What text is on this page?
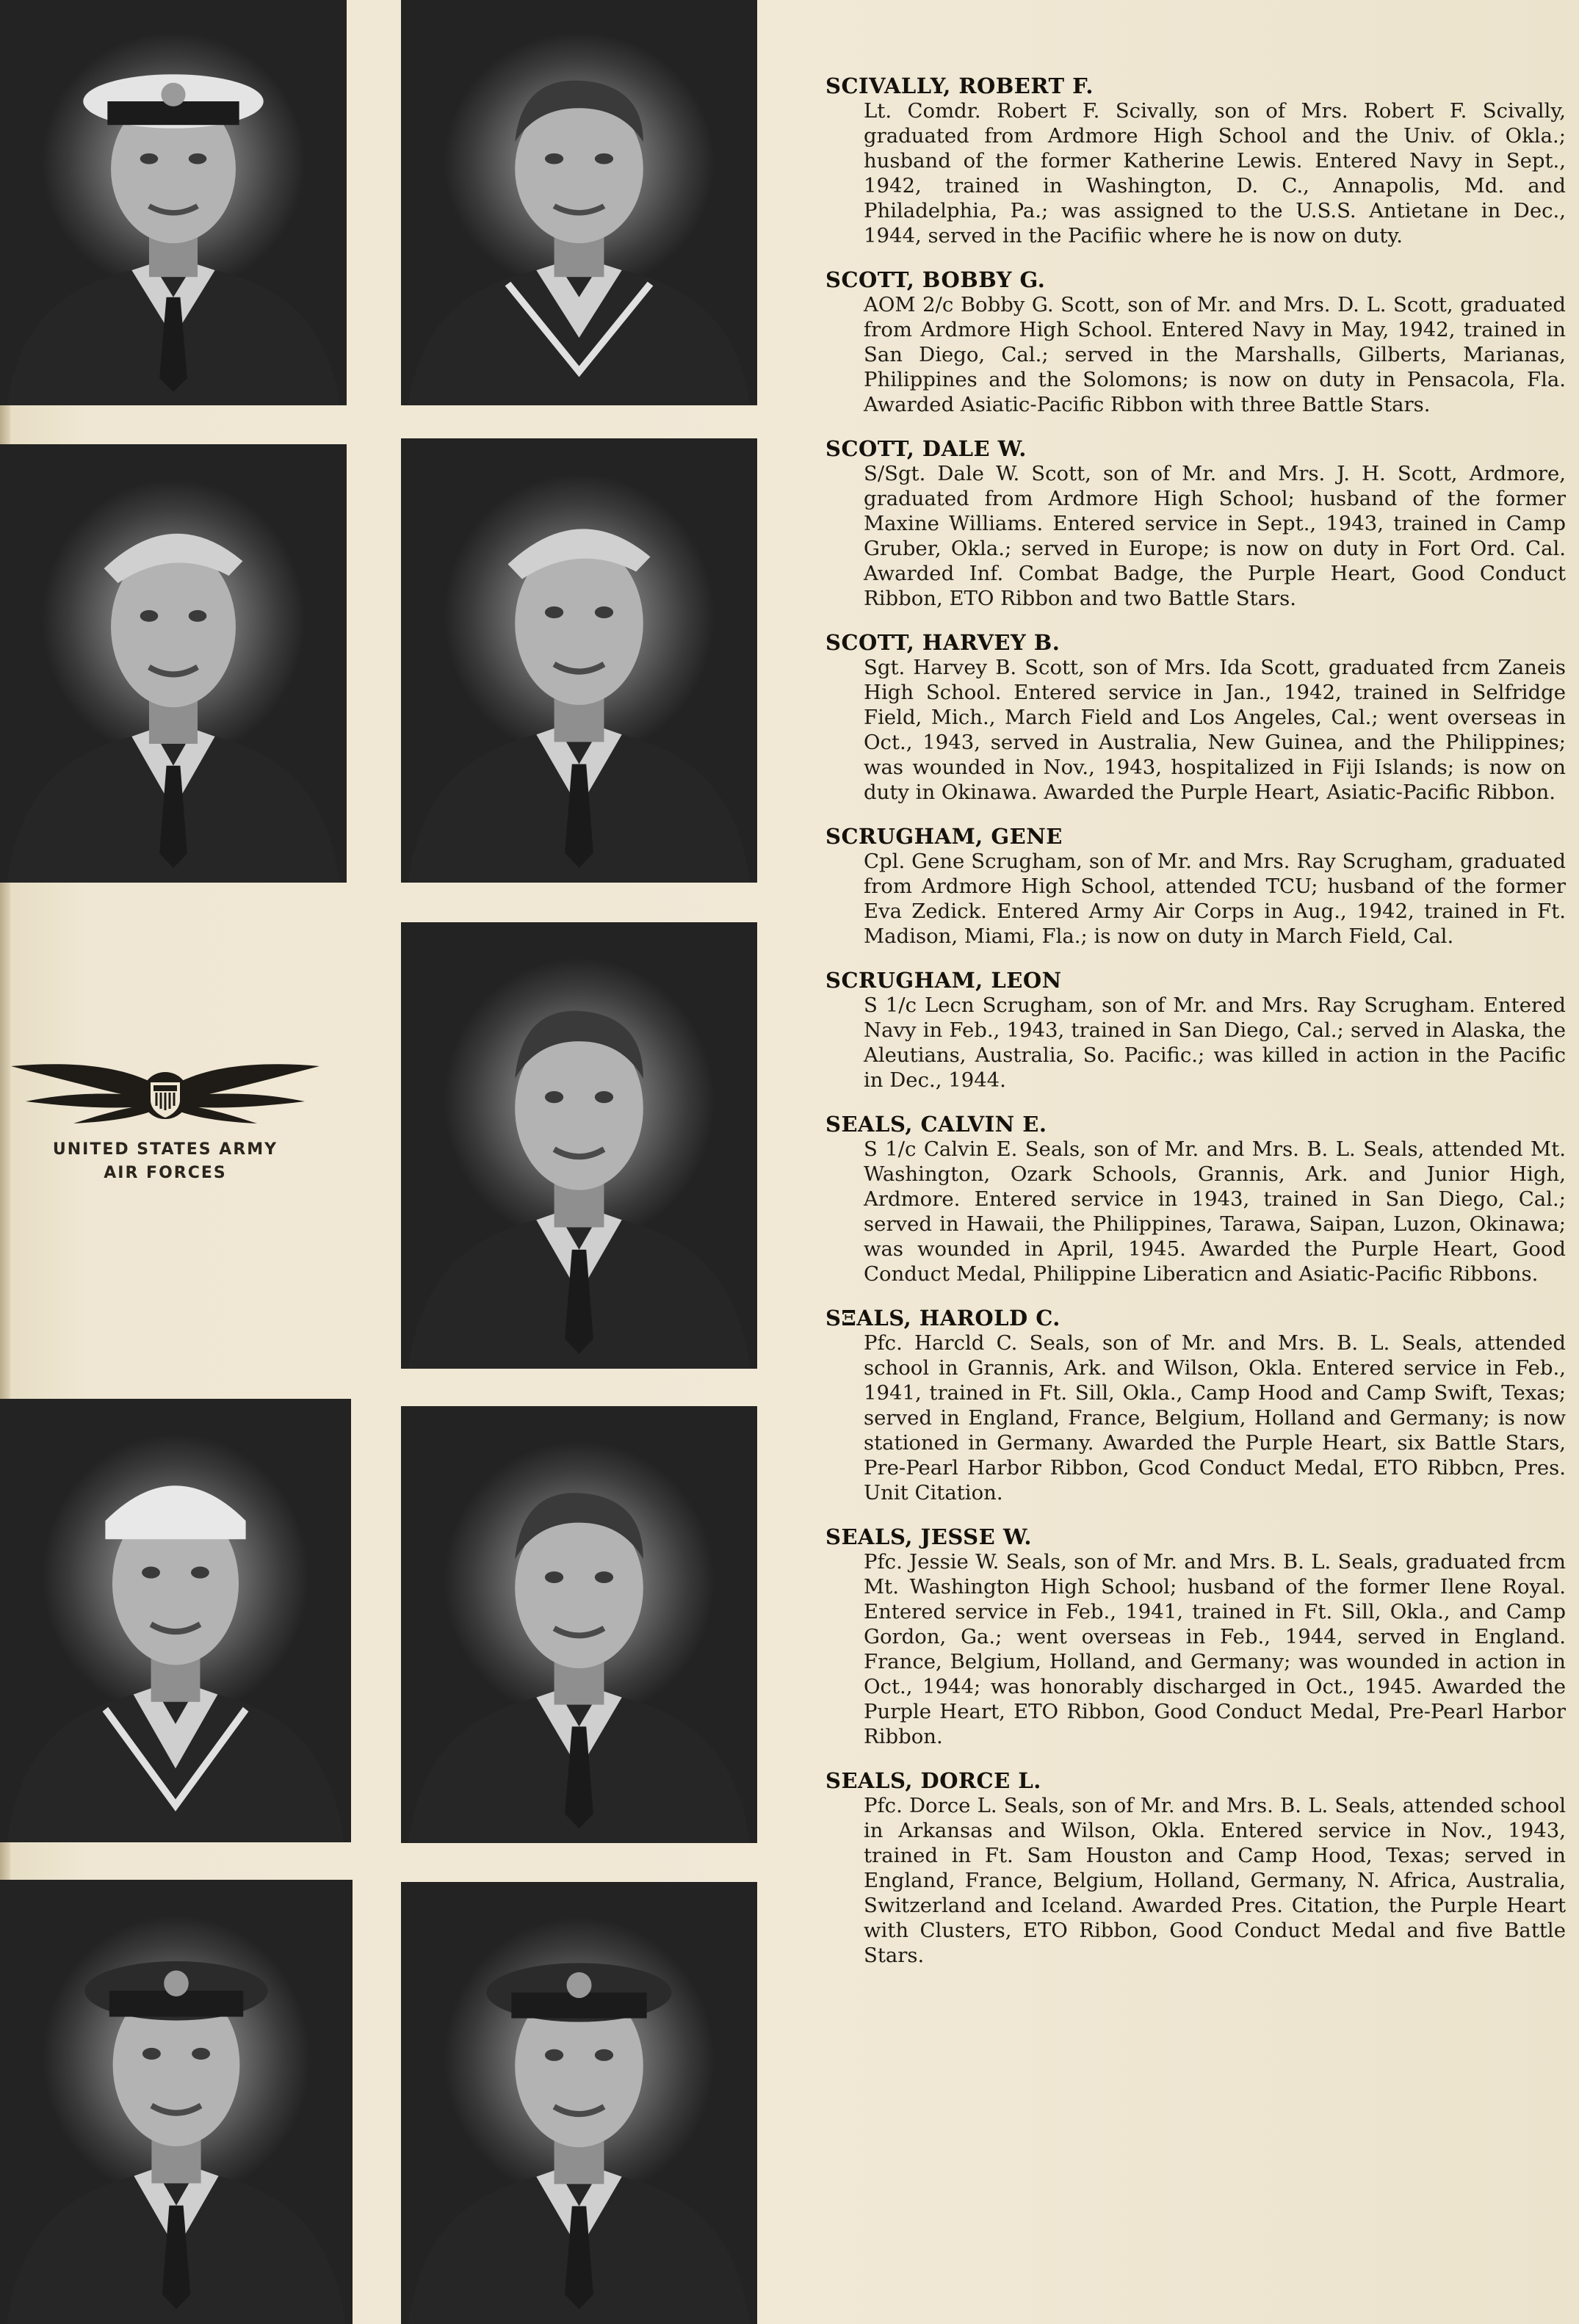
UNITED STATES ARMY
AIR FORCES
SCIVALLY, ROBERT F.

Lt. Comdr. Robert F. Scivally, son of Mrs. Robert F. Scivally, graduated from Ardmore High School and the Univ. of Okla.; husband of the former Katherine Lewis. Entered Navy in Sept., 1942, trained in Washington, D. C., Annapolis, Md. and Philadelphia, Pa.; was assigned to the U.S.S. Antietane in Dec., 1944, served in the Pacifiic where he is now on duty.

SCOTT, BOBBY G.

AOM 2/c Bobby G. Scott, son of Mr. and Mrs. D. L. Scott, graduated from Ardmore High School. Entered Navy in May, 1942, trained in San Diego, Cal.; served in the Marshalls, Gilberts, Marianas, Philippines and the Solomons; is now on duty in Pensacola, Fla. Awarded Asiatic-Pacific Ribbon with three Battle Stars.

SCOTT, DALE W.

S/Sgt. Dale W. Scott, son of Mr. and Mrs. J. H. Scott, Ardmore, graduated from Ardmore High School; husband of the former Maxine Williams. Entered service in Sept., 1943, trained in Camp Gruber, Okla.; served in Europe; is now on duty in Fort Ord. Cal. Awarded Inf. Combat Badge, the Purple Heart, Good Conduct Ribbon, ETO Ribbon and two Battle Stars.

SCOTT, HARVEY B.

Sgt. Harvey B. Scott, son of Mrs. Ida Scott, graduated frcm Zaneis High School. Entered service in Jan., 1942, trained in Selfridge Field, Mich., March Field and Los Angeles, Cal.; went overseas in Oct., 1943, served in Australia, New Guinea, and the Philippines; was wounded in Nov., 1943, hospitalized in Fiji Islands; is now on duty in Okinawa. Awarded the Purple Heart, Asiatic-Pacific Ribbon.

SCRUGHAM, GENE

Cpl. Gene Scrugham, son of Mr. and Mrs. Ray Scrugham, graduated from Ardmore High School, attended TCU; husband of the former Eva Zedick. Entered Army Air Corps in Aug., 1942, trained in Ft. Madison, Miami, Fla.; is now on duty in March Field, Cal.

SCRUGHAM, LEON

S 1/c Lecn Scrugham, son of Mr. and Mrs. Ray Scrugham. Entered Navy in Feb., 1943, trained in San Diego, Cal.; served in Alaska, the Aleutians, Australia, So. Pacific.; was killed in action in the Pacific in Dec., 1944.

SEALS, CALVIN E.

S 1/c Calvin E. Seals, son of Mr. and Mrs. B. L. Seals, attended Mt. Washington, Ozark Schools, Grannis, Ark. and Junior High, Ardmore. Entered service in 1943, trained in San Diego, Cal.; served in Hawaii, the Philippines, Tarawa, Saipan, Luzon, Okinawa; was wounded in April, 1945. Awarded the Purple Heart, Good Conduct Medal, Philippine Liberaticn and Asiatic-Pacific Ribbons.

SΞALS, HAROLD C.

Pfc. Harcld C. Seals, son of Mr. and Mrs. B. L. Seals, attended school in Grannis, Ark. and Wilson, Okla. Entered service in Feb., 1941, trained in Ft. Sill, Okla., Camp Hood and Camp Swift, Texas; served in England, France, Belgium, Holland and Germany; is now stationed in Germany. Awarded the Purple Heart, six Battle Stars, Pre-Pearl Harbor Ribbon, Gcod Conduct Medal, ETO Ribbcn, Pres. Unit Citation.

SEALS, JESSE W.

Pfc. Jessie W. Seals, son of Mr. and Mrs. B. L. Seals, graduated frcm Mt. Washington High School; husband of the former Ilene Royal. Entered service in Feb., 1941, trained in Ft. Sill, Okla., and Camp Gordon, Ga.; went overseas in Feb., 1944, served in England. France, Belgium, Holland, and Germany; was wounded in action in Oct., 1944; was honorably discharged in Oct., 1945. Awarded the Purple Heart, ETO Ribbon, Good Conduct Medal, Pre-Pearl Harbor Ribbon.

SEALS, DORCE L.

Pfc. Dorce L. Seals, son of Mr. and Mrs. B. L. Seals, attended school in Arkansas and Wilson, Okla. Entered service in Nov., 1943, trained in Ft. Sam Houston and Camp Hood, Texas; served in England, France, Belgium, Holland, Germany, N. Africa, Australia, Switzerland and Iceland. Awarded Pres. Citation, the Purple Heart with Clusters, ETO Ribbon, Good Conduct Medal and five Battle Stars.
